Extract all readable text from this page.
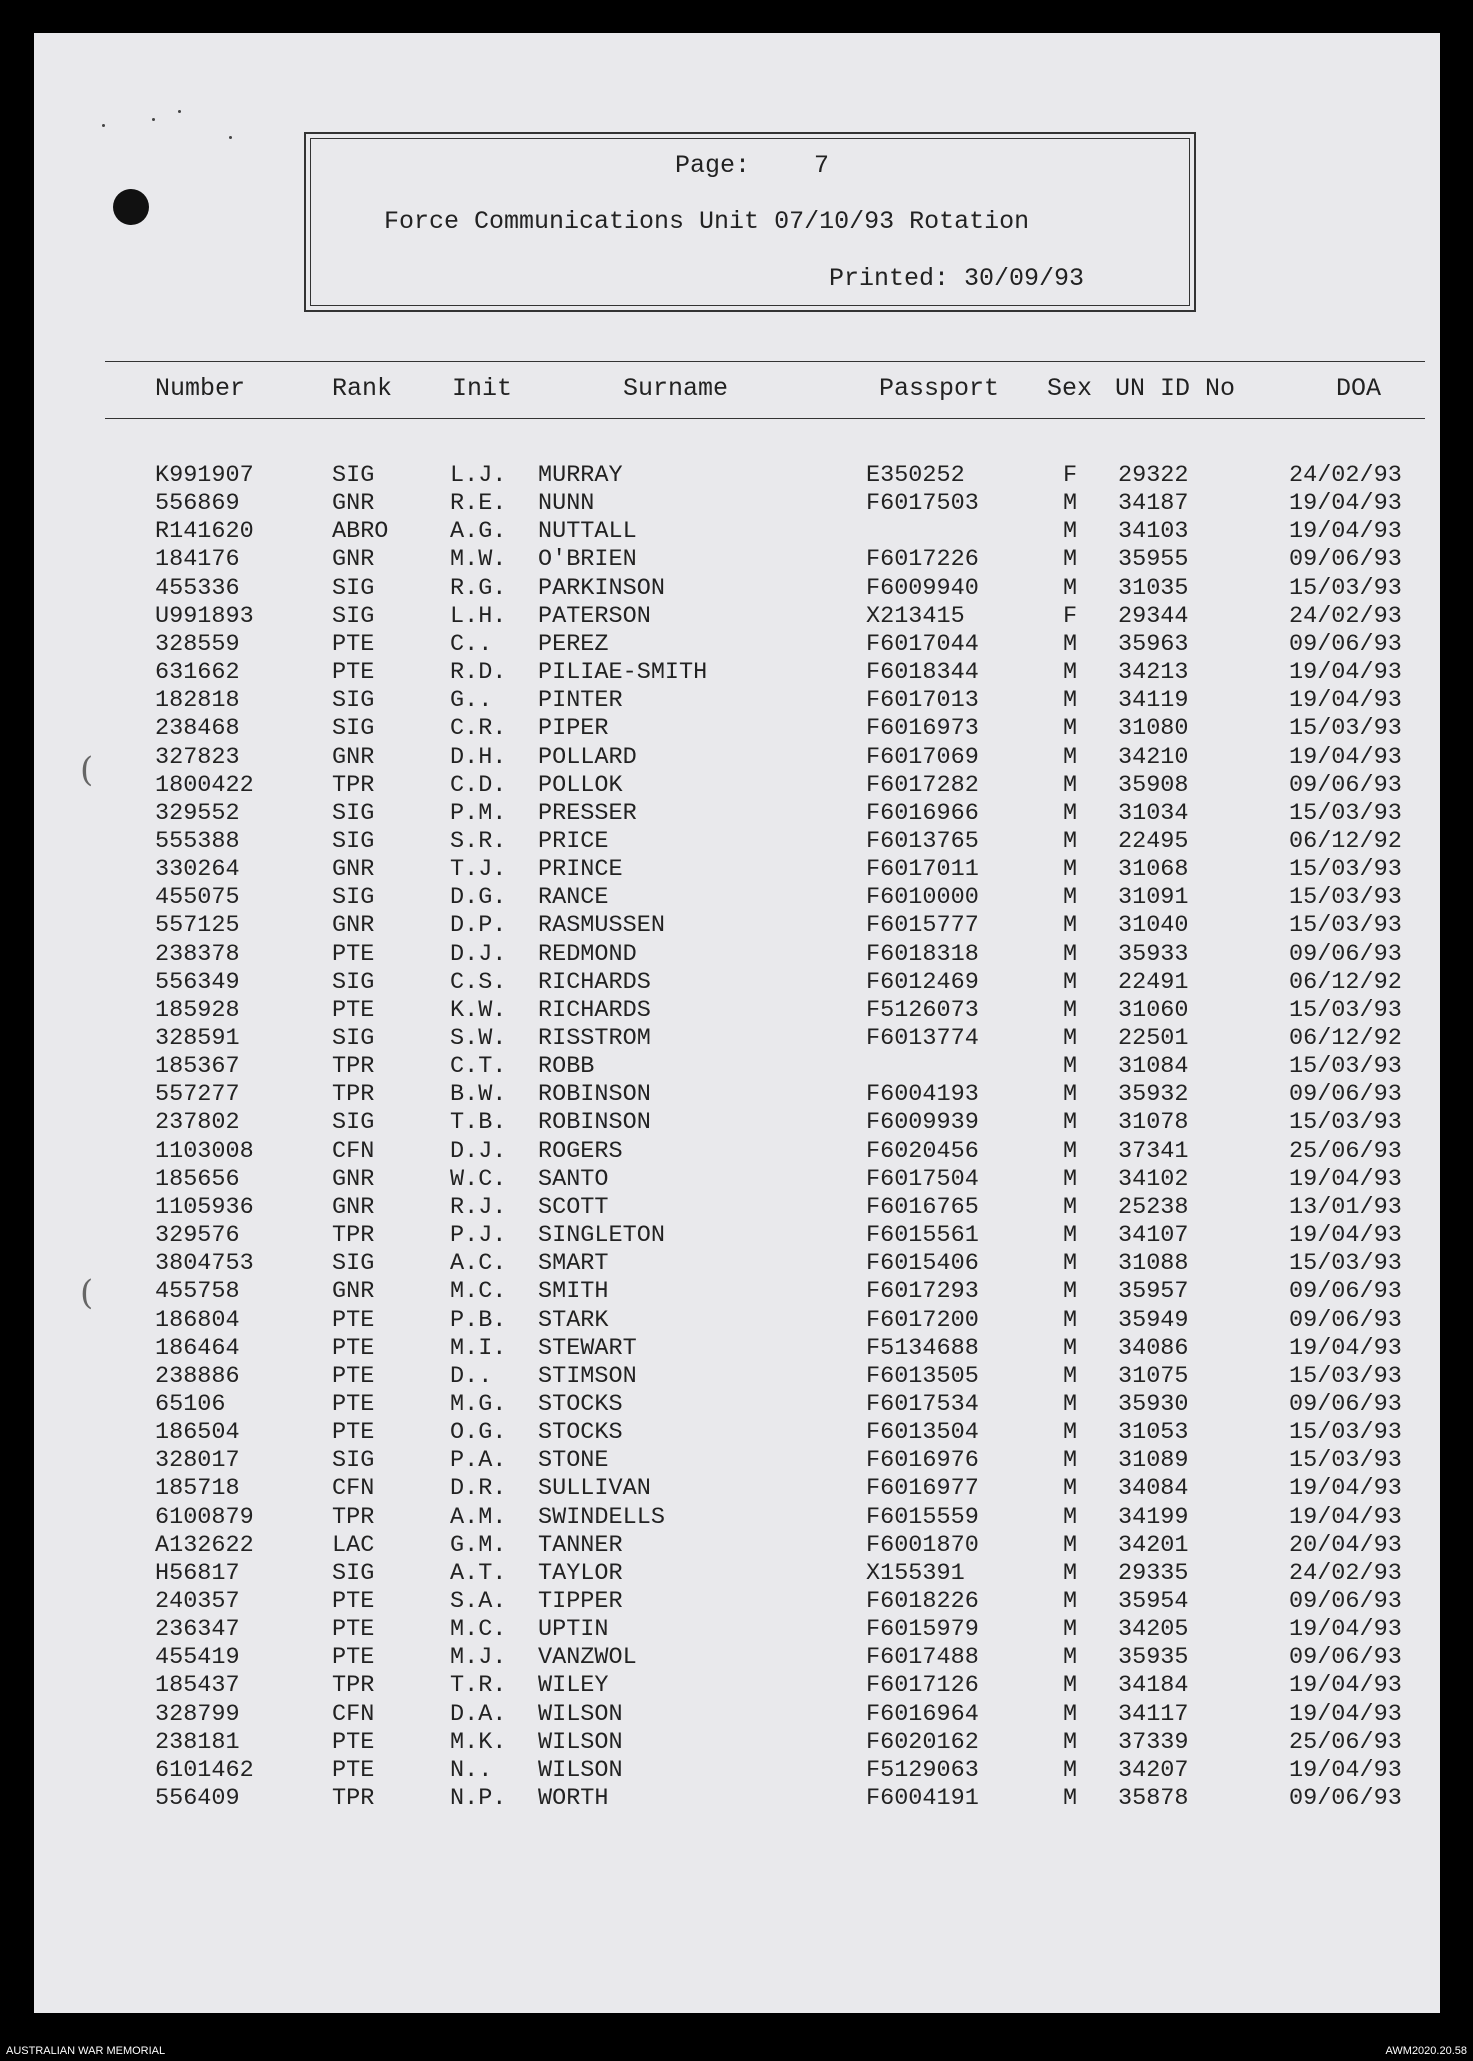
(
(
Page:	7
Force Communications Unit 07/10/93 Rotation
Printed: 30/09/93
Number	Rank Init	Surname	Passport Sex UN ID No	DOA
K991907	SIG	L.J. MURRAY	E350252	F 29322	24/02/93
556869	GNR	R.E. NUNN	F6017503	M 34187	19/04/93
R141620	ABRO	A.G. NUTTALL	M 34103	19/04/93
184176	GNR	M.W. O'BRIEN	F6017226	M 35955	09/06/93
455336	SIG	R.G. PARKINSON	F6009940	M 31035	15/03/93
U991893	SIG	L.H. PATERSON	X213415	F 29344	24/02/93
328559	PTE	C.. PEREZ	F6017044	M 35963	09/06/93
631662	PTE	R.D. PILIAE-SMITH	F6018344	M 34213	19/04/93
182818	SIG	G.. PINTER	F6017013	M 34119	19/04/93
238468	SIG	C.R. PIPER	F6016973	M 31080	15/03/93
327823	GNR	D.H. POLLARD	F6017069	M 34210	19/04/93
1800422	TPR	C.D. POLLOK	F6017282	M 35908	09/06/93
329552	SIG	P.M. PRESSER	F6016966	M 31034	15/03/93
555388	SIG	S.R. PRICE	F6013765	M 22495	06/12/92
330264	GNR	T.J. PRINCE	F6017011	M 31068	15/03/93
455075	SIG	D.G. RANCE	F6010000	M 31091	15/03/93
557125	GNR	D.P. RASMUSSEN	F6015777	M 31040	15/03/93
238378	PTE	D.J. REDMOND	F6018318	M 35933	09/06/93
556349	SIG	C.S. RICHARDS	F6012469	M 22491	06/12/92
185928	PTE	K.W. RICHARDS	F5126073	M 31060	15/03/93
328591	SIG	S.W. RISSTROM	F6013774	M 22501	06/12/92
185367	TPR	C.T. ROBB	M 31084	15/03/93
557277	TPR	B.W. ROBINSON	F6004193	M 35932	09/06/93
237802	SIG	T.B. ROBINSON	F6009939	M 31078	15/03/93
1103008	CFN	D.J. ROGERS	F6020456	M 37341	25/06/93
185656	GNR	W.C. SANTO	F6017504	M 34102	19/04/93
1105936	GNR	R.J. SCOTT	F6016765	M 25238	13/01/93
329576	TPR	P.J. SINGLETON	F6015561	M 34107	19/04/93
3804753	SIG	A.C. SMART	F6015406	M 31088	15/03/93
455758	GNR	M.C. SMITH	F6017293	M 35957	09/06/93
186804	PTE	P.B. STARK	F6017200	M 35949	09/06/93
186464	PTE	M.I. STEWART	F5134688	M 34086	19/04/93
238886	PTE	D.. STIMSON	F6013505	M 31075	15/03/93
65106	PTE	M.G. STOCKS	F6017534	M 35930	09/06/93
186504	PTE	O.G. STOCKS	F6013504	M 31053	15/03/93
328017	SIG	P.A. STONE	F6016976	M 31089	15/03/93
185718	CFN	D.R. SULLIVAN	F6016977	M 34084	19/04/93
6100879	TPR	A.M. SWINDELLS	F6015559	M 34199	19/04/93
A132622	LAC	G.M. TANNER	F6001870	M 34201	20/04/93
H56817	SIG	A.T. TAYLOR	X155391	M 29335	24/02/93
240357	PTE	S.A. TIPPER	F6018226	M 35954	09/06/93
236347	PTE	M.C. UPTIN	F6015979	M 34205	19/04/93
455419	PTE	M.J. VANZWOL	F6017488	M 35935	09/06/93
185437	TPR	T.R. WILEY	F6017126	M 34184	19/04/93
328799	CFN	D.A. WILSON	F6016964	M 34117	19/04/93
238181	PTE	M.K. WILSON	F6020162	M 37339	25/06/93
6101462	PTE	N.. WILSON	F5129063	M 34207	19/04/93
556409	TPR	N.P. WORTH	F6004191	M 35878	09/06/93
AUSTRALIAN WAR MEMORIAL	AWM2020.20.58
